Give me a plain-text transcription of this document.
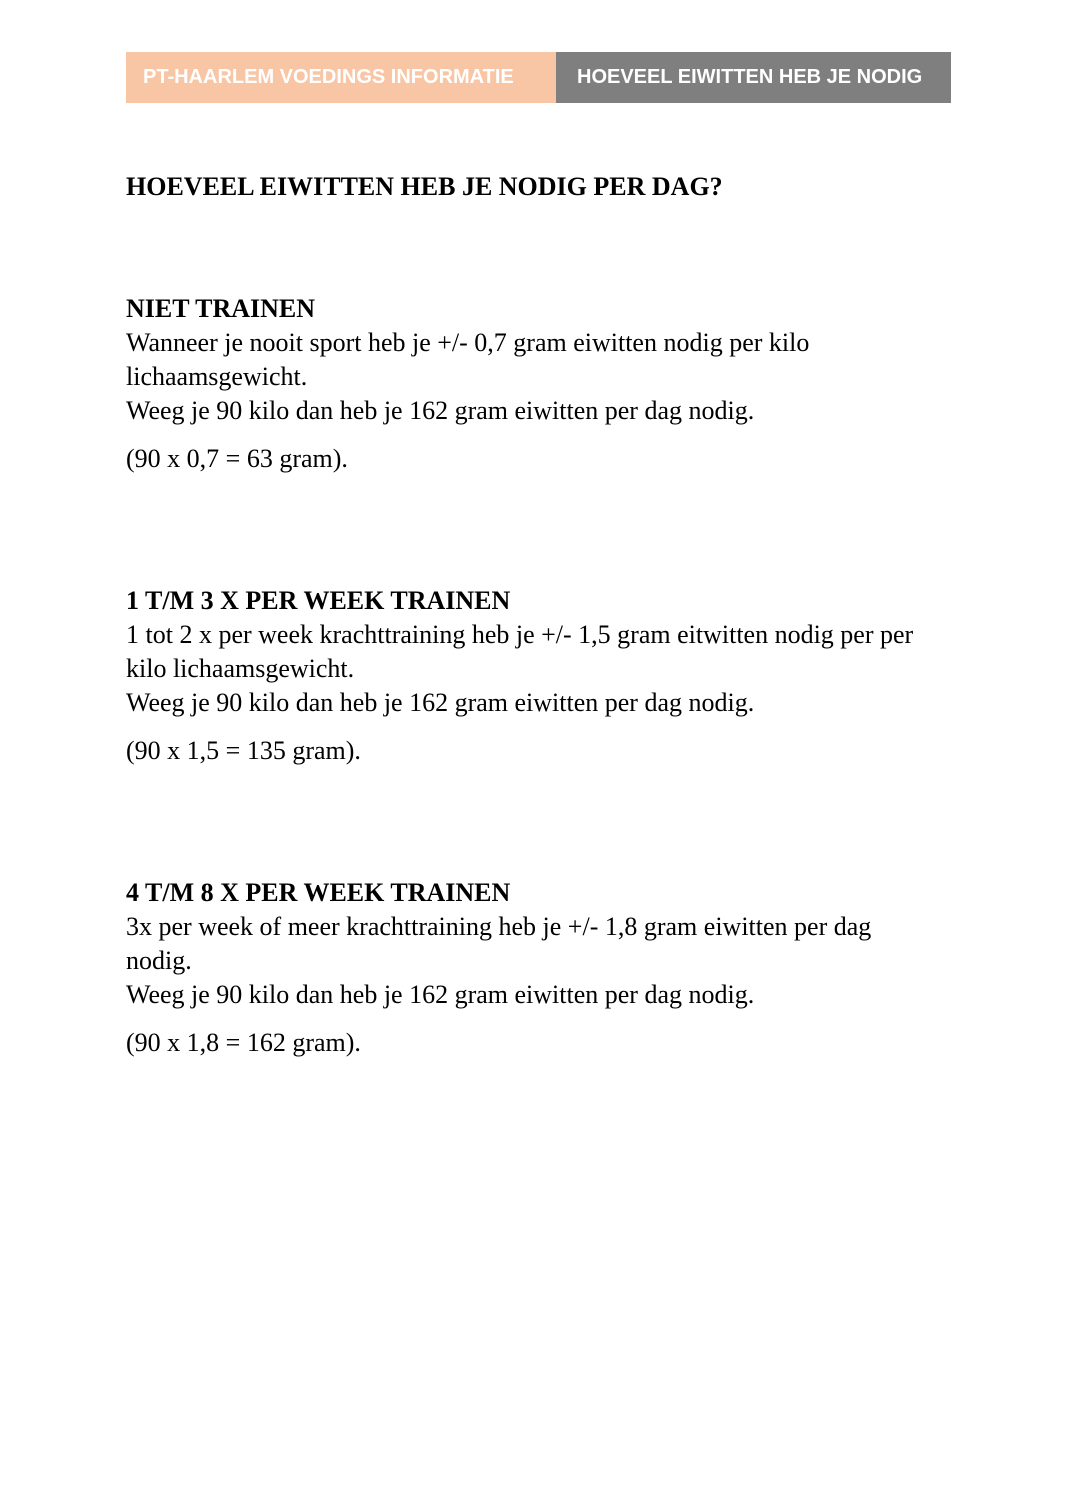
PT-HAARLEM VOEDINGS INFORMATIE	HOEVEEL EIWITTEN HEB JE NODIG
HOEVEEL EIWITTEN HEB JE NODIG PER DAG?

NIET TRAINEN

Wanneer je nooit sport heb je +/- 0,7 gram eiwitten nodig per kilo lichaamsgewicht.

Weeg je 90 kilo dan heb je 162 gram eiwitten per dag nodig.

(90 x 0,7 = 63 gram).

1 T/M 3 X PER WEEK TRAINEN

1 tot 2 x per week krachttraining heb je +/- 1,5 gram eitwitten nodig per per kilo lichaamsgewicht.

Weeg je 90 kilo dan heb je 162 gram eiwitten per dag nodig.

(90 x 1,5 = 135 gram).

4 T/M 8 X PER WEEK TRAINEN

3x per week of meer krachttraining heb je +/- 1,8 gram eiwitten per dag nodig.

Weeg je 90 kilo dan heb je 162 gram eiwitten per dag nodig.

(90 x 1,8 = 162 gram).
